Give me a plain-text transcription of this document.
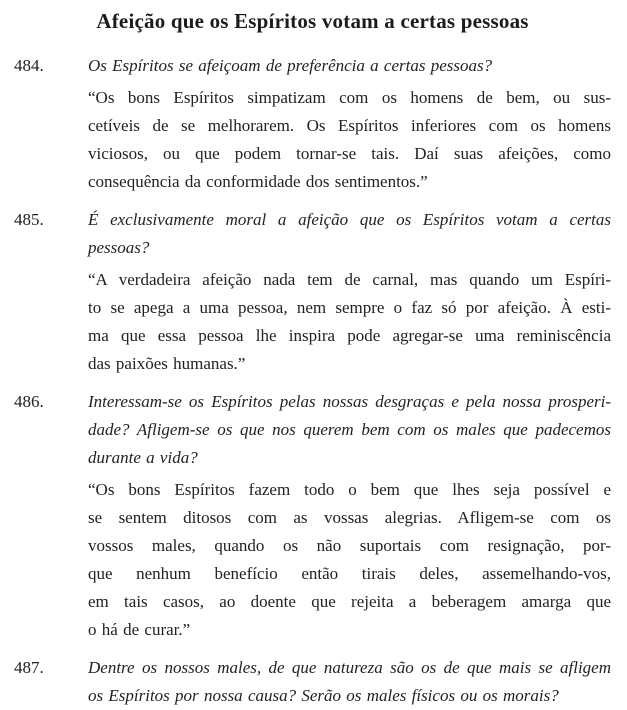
Afeição que os Espíritos votam a certas pessoas
484.	Os Espíritos se afeiçoam de preferência a certas pessoas?
“Os bons Espíritos simpatizam com os homens de bem, ou sus-
cetíveis de se melhorarem. Os Espíritos inferiores com os homens
viciosos, ou que podem tornar-se tais. Daí suas afeições, como
consequência da conformidade dos sentimentos.”
485.	É exclusivamente moral a afeição que os Espíritos votam a certas pessoas?
“A verdadeira afeição nada tem de carnal, mas quando um Espíri-
to se apega a uma pessoa, nem sempre o faz só por afeição. À esti-
ma que essa pessoa lhe inspira pode agregar-se uma reminiscência
das paixões humanas.”
486.	Interessam-se os Espíritos pelas nossas desgraças e pela nossa prosperi-
dade? Afligem-se os que nos querem bem com os males que padecemos
durante a vida?
“Os bons Espíritos fazem todo o bem que lhes seja possível e
se sentem ditosos com as vossas alegrias. Afligem-se com os
vossos males, quando os não suportais com resignação, por-
que nenhum benefício então tirais deles, assemelhando-vos,
em tais casos, ao doente que rejeita a beberagem amarga que
o há de curar.”
487.	Dentre os nossos males, de que natureza são os de que mais se afligem
os Espíritos por nossa causa? Serão os males físicos ou os morais?
